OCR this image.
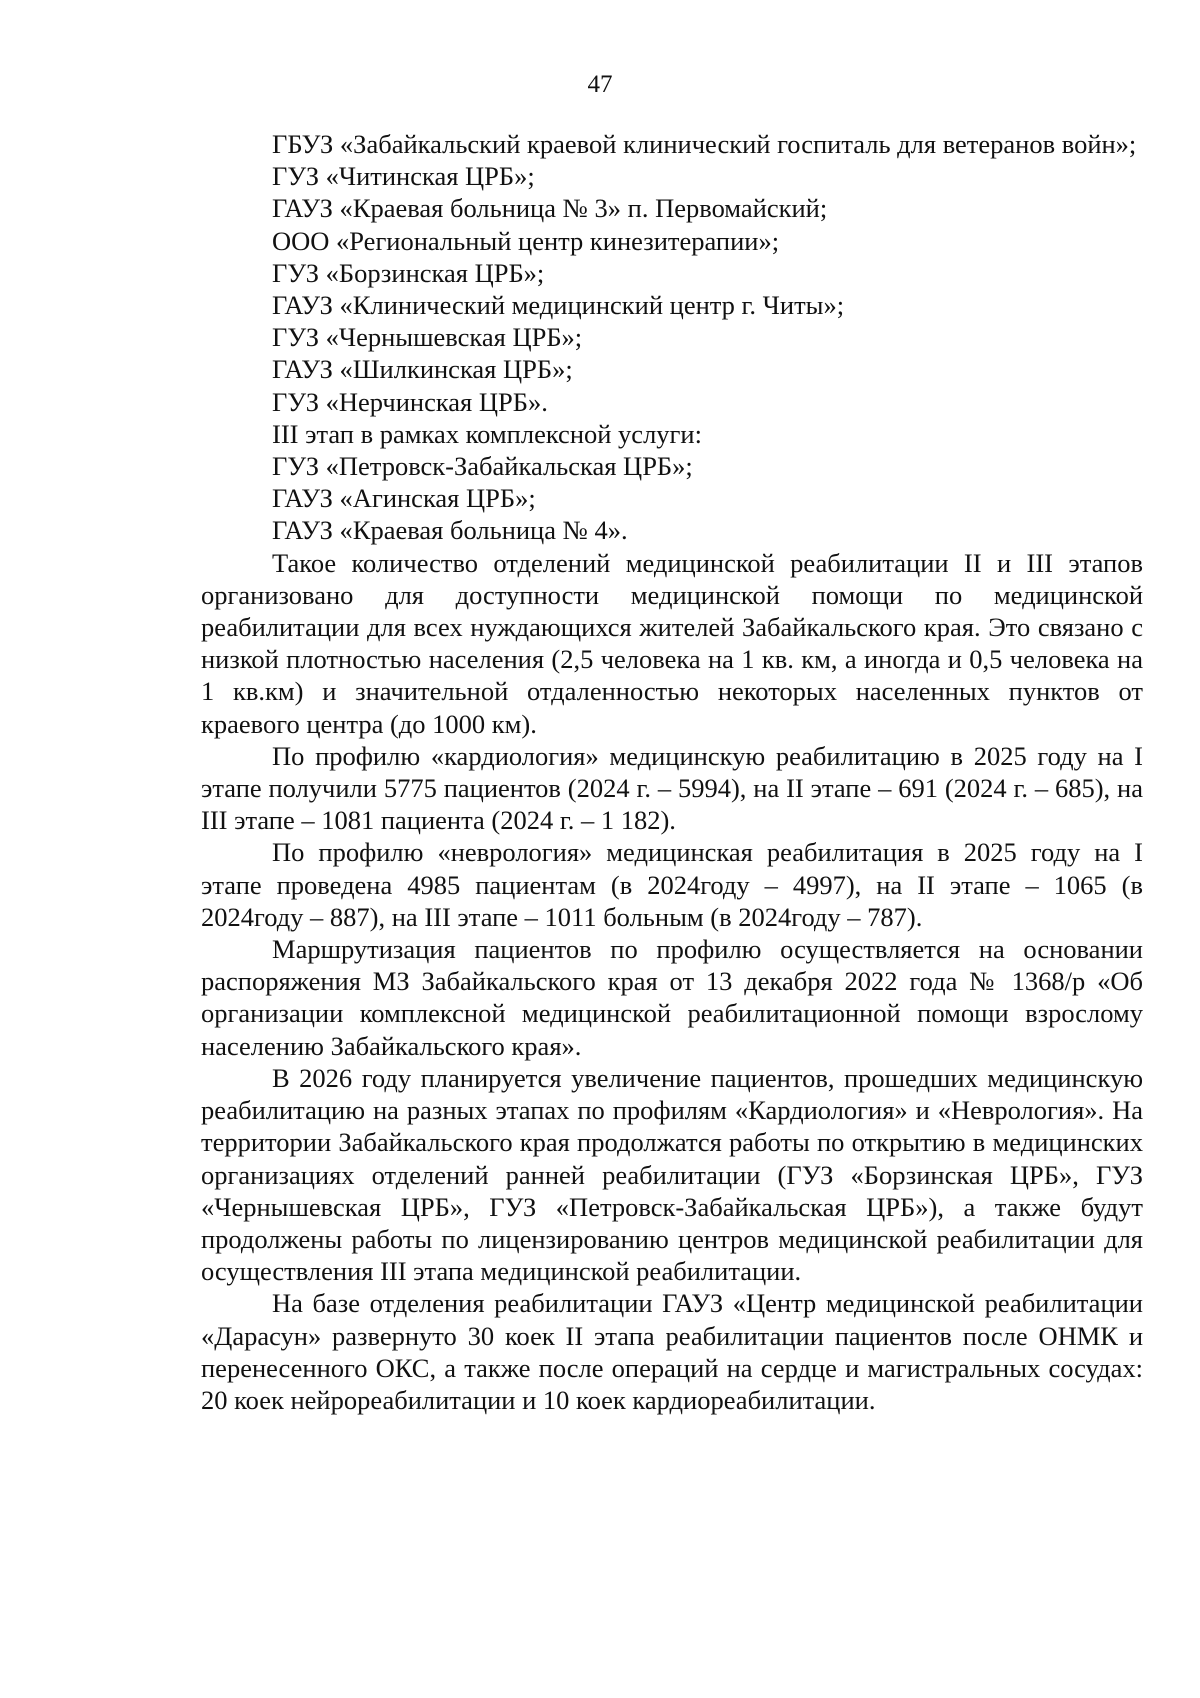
47

ГБУЗ «Забайкальский краевой клинический госпиталь для ветеранов войн»;

ГУЗ «Читинская ЦРБ»;

ГАУЗ «Краевая больница № 3» п. Первомайский;

ООО «Региональный центр кинезитерапии»;

ГУЗ «Борзинская ЦРБ»;

ГАУЗ «Клинический медицинский центр г. Читы»;

ГУЗ «Чернышевская ЦРБ»;

ГАУЗ «Шилкинская ЦРБ»;

ГУЗ «Нерчинская ЦРБ».

III этап в рамках комплексной услуги:

ГУЗ «Петровск-Забайкальская ЦРБ»;

ГАУЗ «Агинская ЦРБ»;

ГАУЗ «Краевая больница № 4».

Такое количество отделений медицинской реабилитации II и III этапов организовано для доступности медицинской помощи по медицинской реабилитации для всех нуждающихся жителей Забайкальского края. Это связано с низкой плотностью населения (2,5 человека на 1 кв. км, а иногда и 0,5 человека на 1 кв.км) и значительной отдаленностью некоторых населенных пунктов от краевого центра (до 1000 км).

По профилю «кардиология» медицинскую реабилитацию в 2025 году на I этапе получили 5775 пациентов (2024 г. – 5994), на II этапе – 691 (2024 г. – 685), на III этапе – 1081 пациента (2024 г. – 1 182).

По профилю «неврология» медицинская реабилитация в 2025 году на I этапе проведена 4985 пациентам (в 2024году – 4997), на II этапе – 1065 (в 2024году – 887), на III этапе – 1011 больным (в 2024году – 787).

Маршрутизация пациентов по профилю осуществляется на основании распоряжения МЗ Забайкальского края от 13 декабря 2022 года № 1368/р «Об организации комплексной медицинской реабилитационной помощи взрослому населению Забайкальского края».

В 2026 году планируется увеличение пациентов, прошедших медицинскую реабилитацию на разных этапах по профилям «Кардиология» и «Неврология». На территории Забайкальского края продолжатся работы по открытию в медицинских организациях отделений ранней реабилитации (ГУЗ «Борзинская ЦРБ», ГУЗ «Чернышевская ЦРБ», ГУЗ «Петровск-Забайкальская ЦРБ»), а также будут продолжены работы по лицензированию центров медицинской реабилитации для осуществления III этапа медицинской реабилитации.

На базе отделения реабилитации ГАУЗ «Центр медицинской реабилитации «Дарасун» развернуто 30 коек II этапа реабилитации пациентов после ОНМК и перенесенного ОКС, а также после операций на сердце и магистральных сосудах: 20 коек нейрореабилитации и 10 коек кардиореабилитации.
